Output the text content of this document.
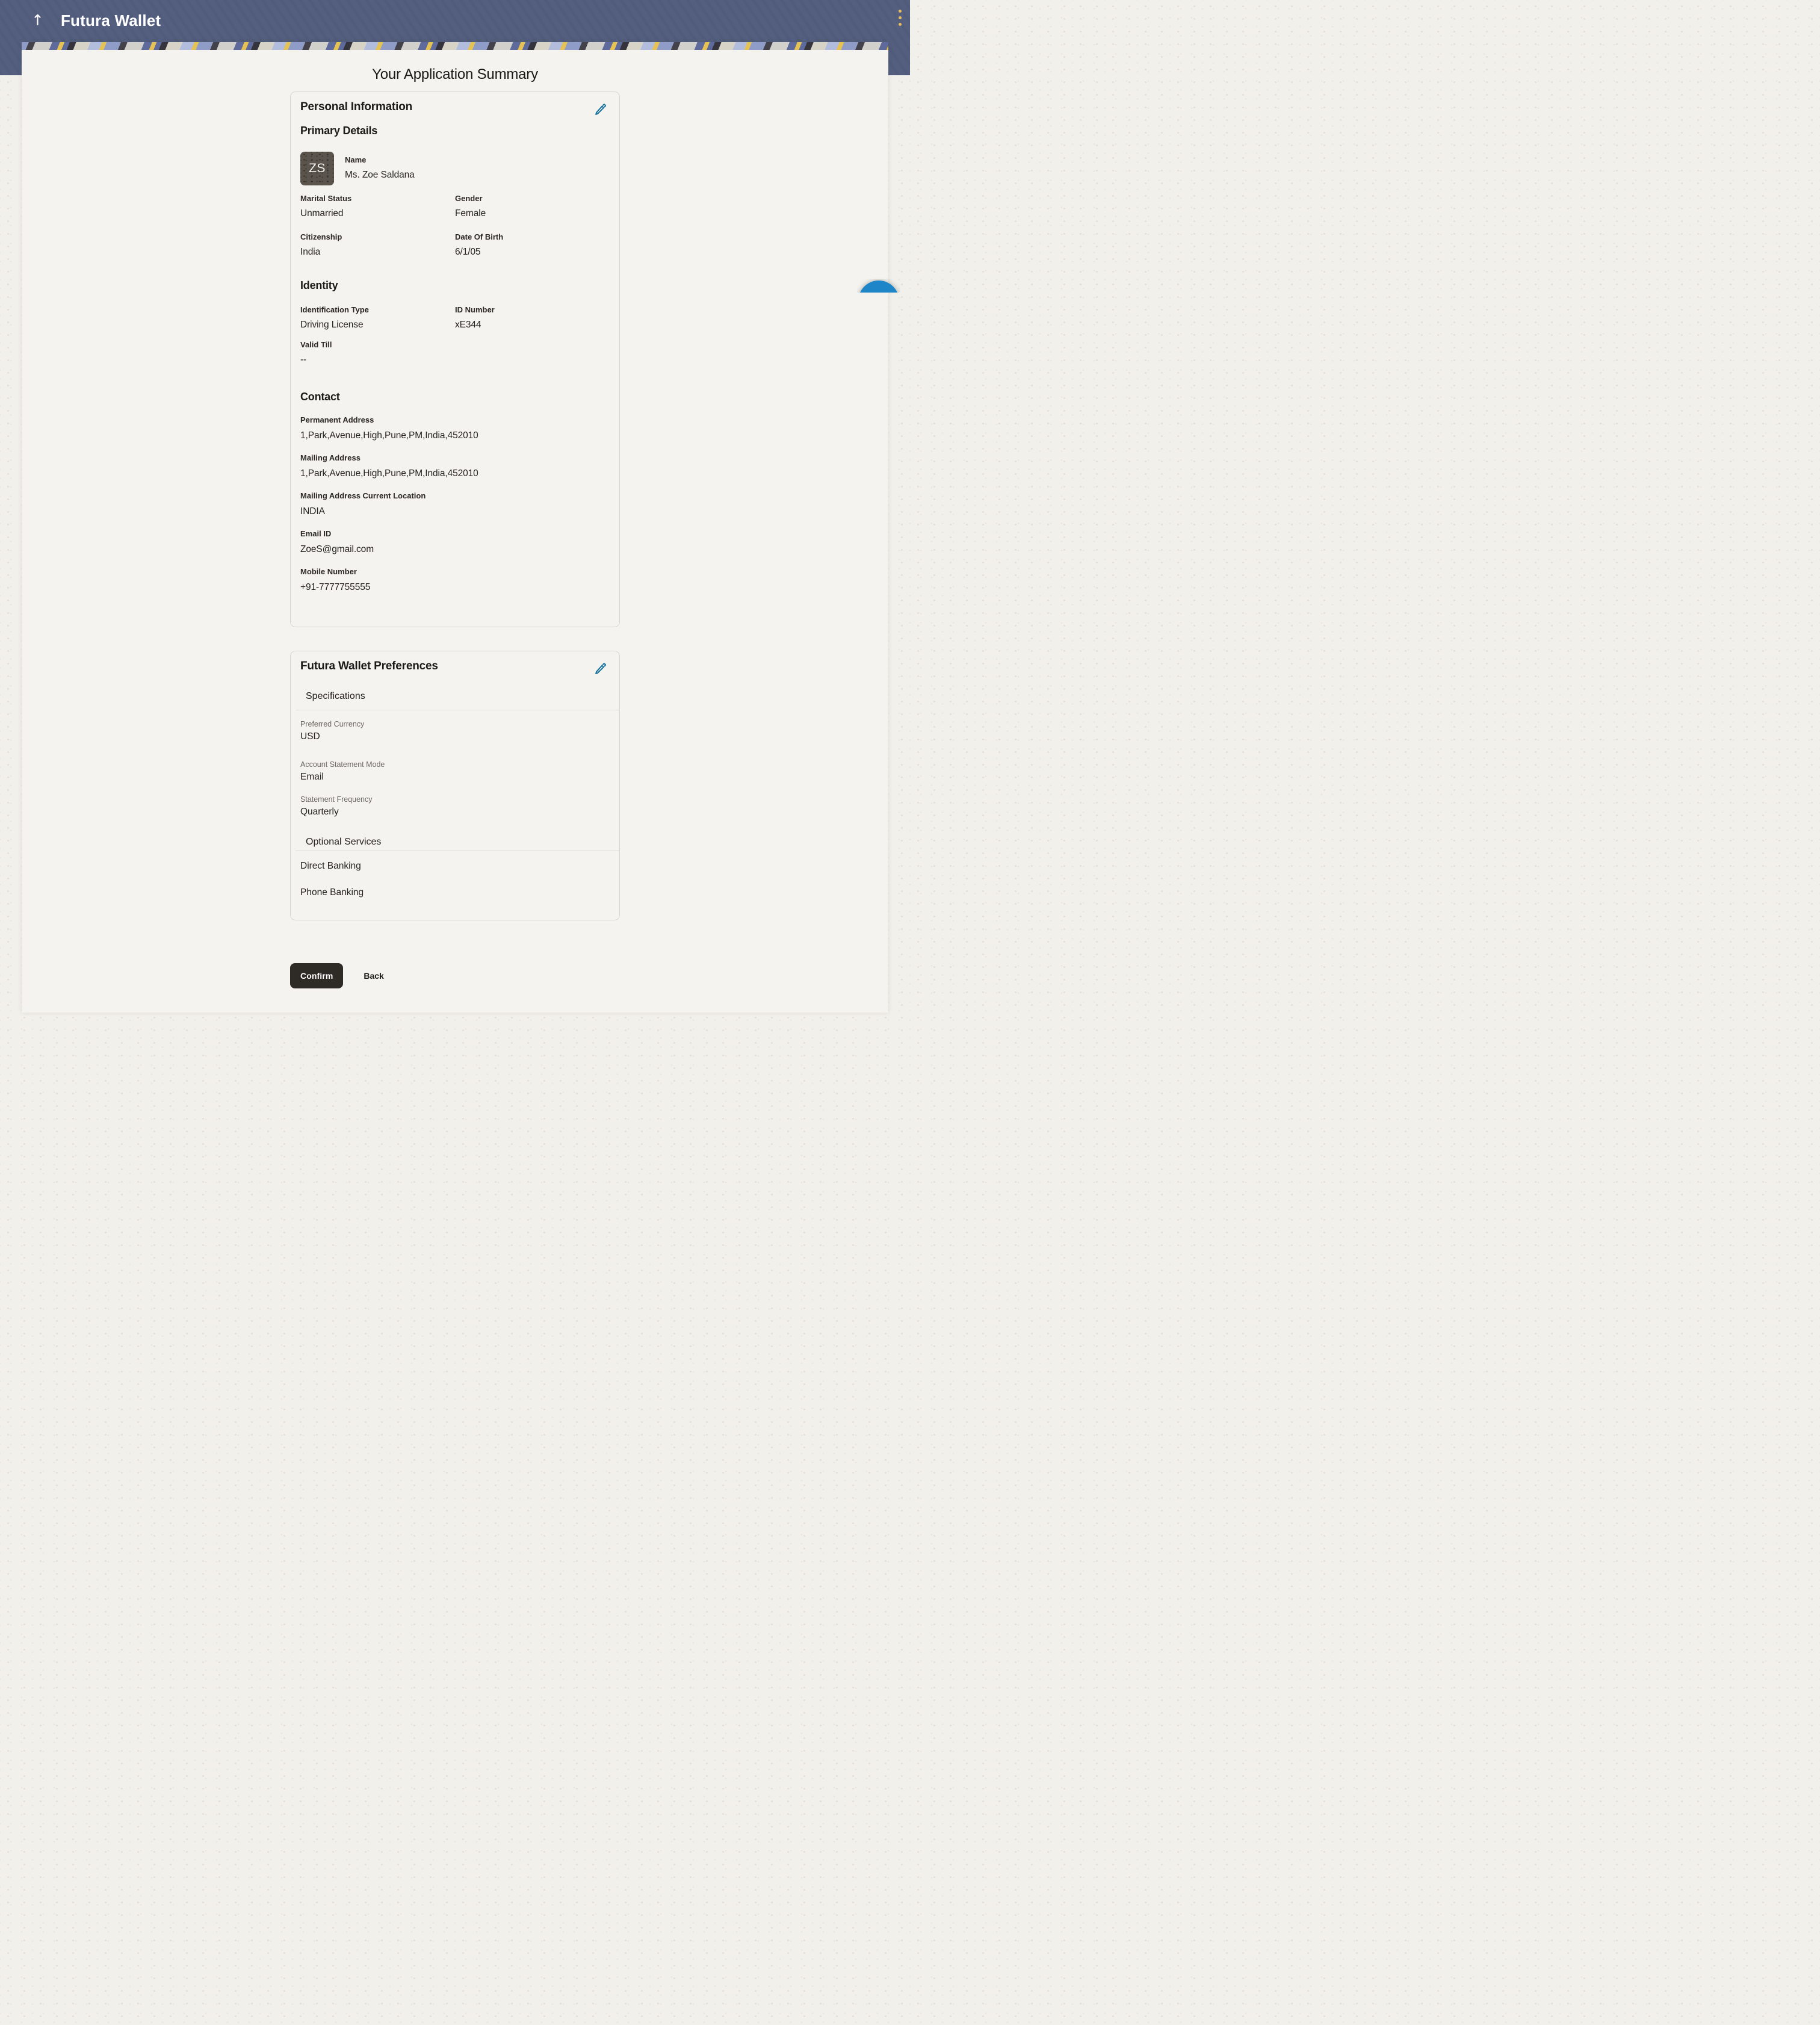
↑ Futura Wallet
Your Application Summary
Personal Information
Primary Details
ZS
Name
Ms. Zoe Saldana
Marital Status
Unmarried
Gender
Female
Citizenship
India
Date Of Birth
6/1/05
Identity
Identification Type
Driving License
ID Number
xE344
Valid Till
--
Contact
Permanent Address
1,Park,Avenue,High,Pune,PM,India,452010
Mailing Address
1,Park,Avenue,High,Pune,PM,India,452010
Mailing Address Current Location
INDIA
Email ID
ZoeS@gmail.com
Mobile Number
+91-7777755555
Futura Wallet Preferences
Specifications
Preferred Currency
USD
Account Statement Mode
Email
Statement Frequency
Quarterly
Optional Services
Direct Banking
Phone Banking
Confirm	Back
